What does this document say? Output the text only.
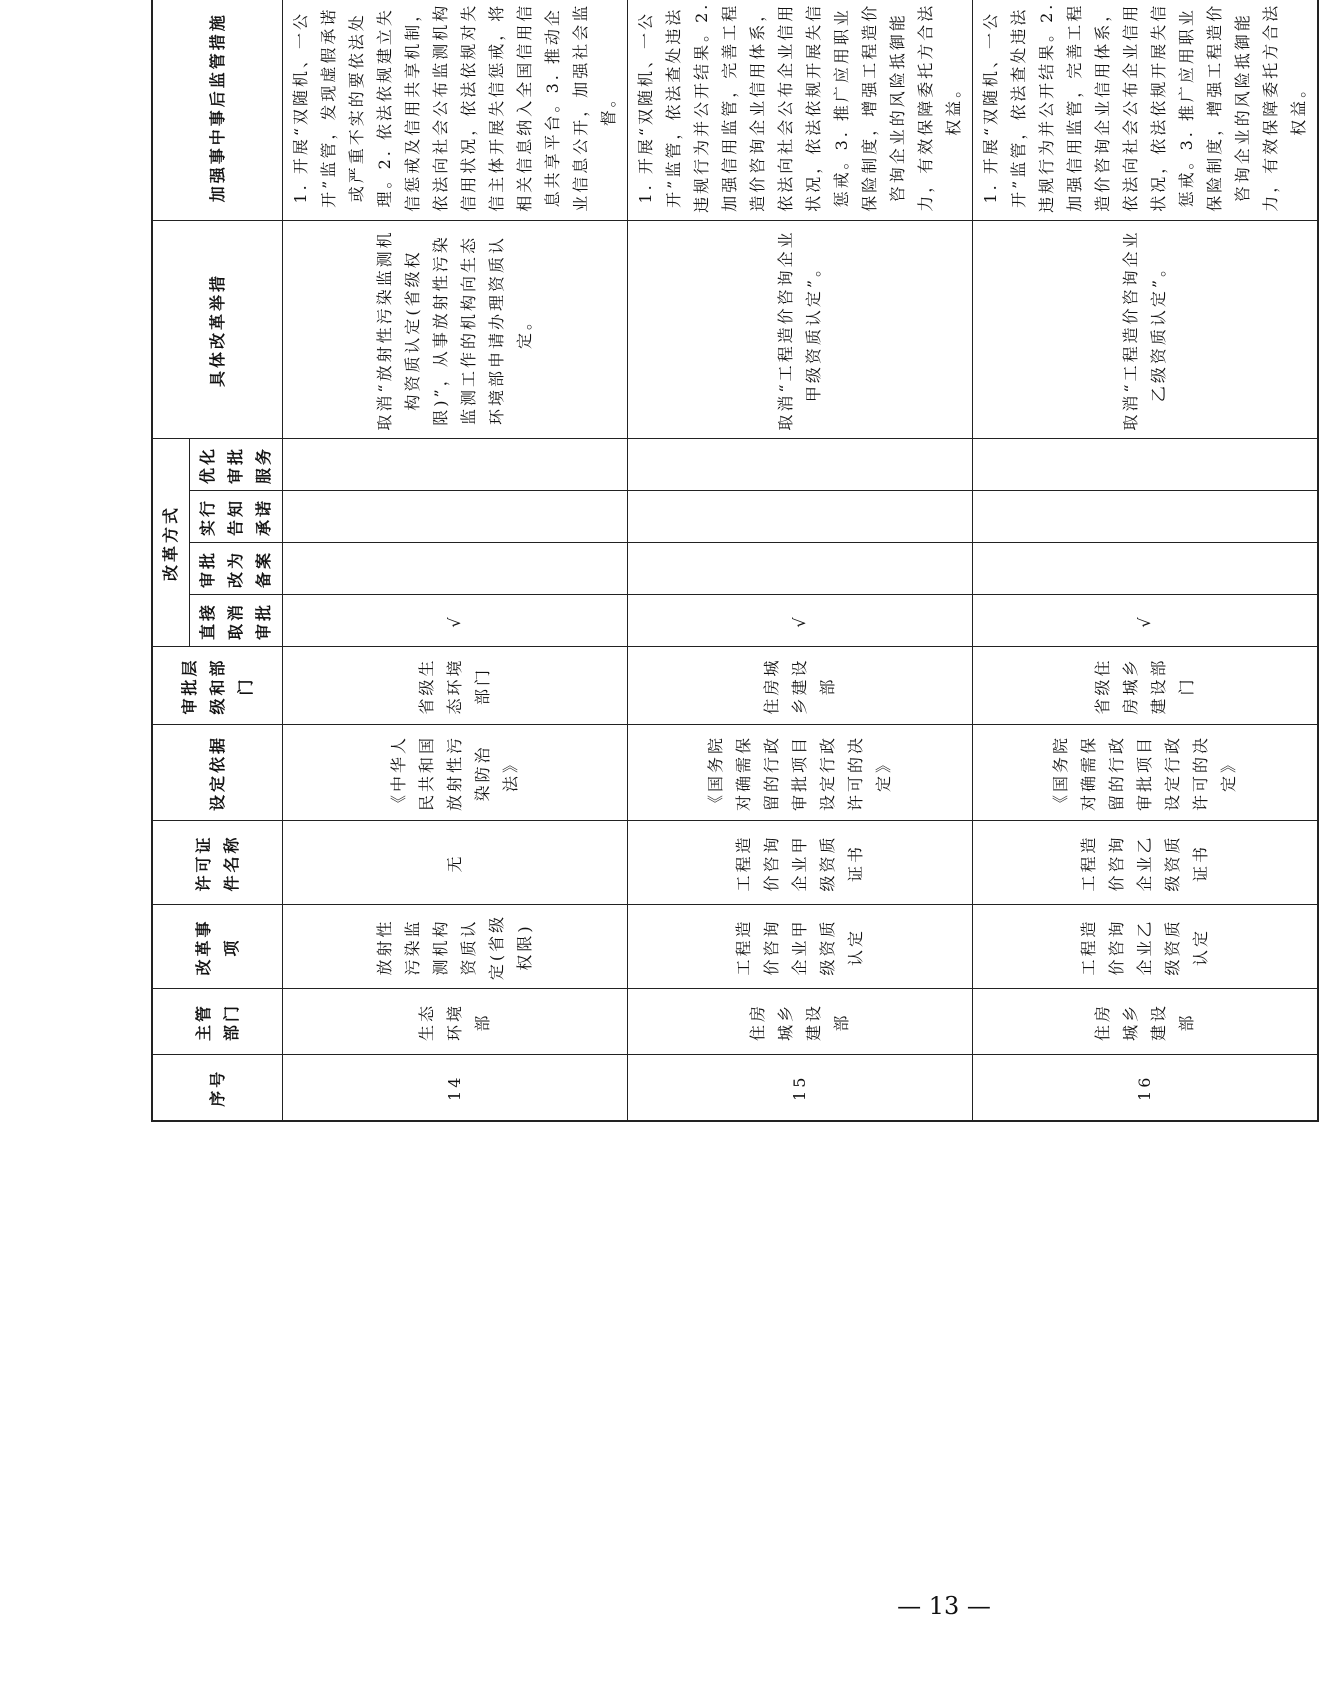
序号	主管部门	改革事项	许可证件名称	设定依据	审批层级和部门	改革方式				具体改革举措	加强事中事后监管措施
						直接取消审批	审批改为备案	实行告知承诺	优化审批服务		
14	生态环境部	放射性污染监测机构资质认定(省级权限)	无	《中华人民共和国放射性污染防治法》	省级生态环境部门	√				取消“放射性污染监测机构资质认定(省级权限)”，从事放射性污染监测工作的机构向生态环境部申请办理资质认定。	1. 开展“双随机、一公开”监管，发现虚假承诺或严重不实的要依法处理。2. 依法依规建立失信惩戒及信用共享机制，依法向社会公布监测机构信用状况，依法依规对失信主体开展失信惩戒，将相关信息纳入全国信用信息共享平台。3. 推动企业信息公开，加强社会监督。
15	住房城乡建设部	工程造价咨询企业甲级资质认定	工程造价咨询企业甲级资质证书	《国务院对确需保留的行政审批项目设定行政许可的决定》	住房城乡建设部	√				取消“工程造价咨询企业甲级资质认定”。	1. 开展“双随机、一公开”监管，依法查处违法违规行为并公开结果。2. 加强信用监管，完善工程造价咨询企业信用体系，依法向社会公布企业信用状况，依法依规开展失信惩戒。3. 推广应用职业保险制度，增强工程造价咨询企业的风险抵御能力，有效保障委托方合法权益。
16	住房城乡建设部	工程造价咨询企业乙级资质认定	工程造价咨询企业乙级资质证书	《国务院对确需保留的行政审批项目设定行政许可的决定》	省级住房城乡建设部门	√				取消“工程造价咨询企业乙级资质认定”。	1. 开展“双随机、一公开”监管，依法查处违法违规行为并公开结果。2. 加强信用监管，完善工程造价咨询企业信用体系，依法向社会公布企业信用状况，依法依规开展失信惩戒。3. 推广应用职业保险制度，增强工程造价咨询企业的风险抵御能力，有效保障委托方合法权益。
— 13 —
